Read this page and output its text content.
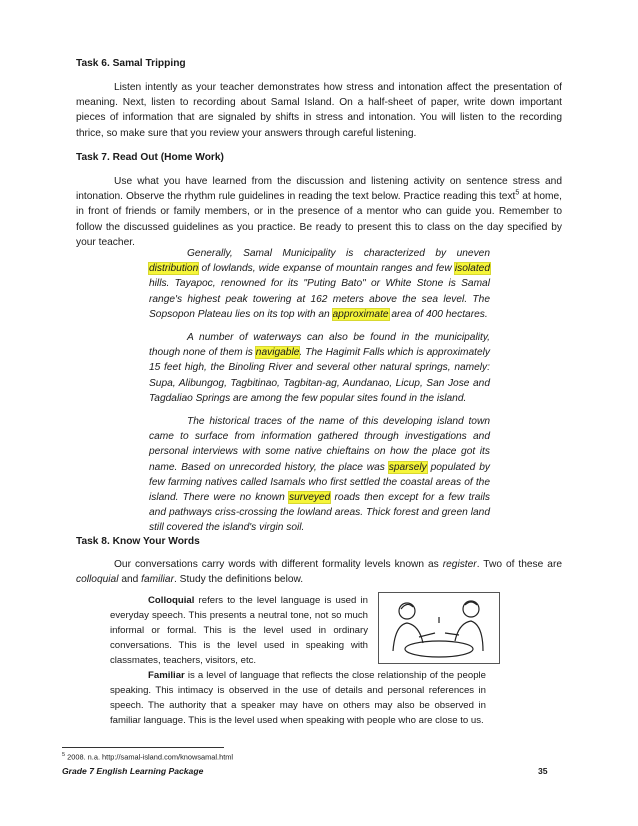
Task 6. Samal Tripping

Listen intently as your teacher demonstrates how stress and intonation affect the presentation of meaning. Next, listen to recording about Samal Island. On a half-sheet of paper, write down important pieces of information that are signaled by shifts in stress and intonation. You will listen to the recording thrice, so make sure that you review your answers through careful listening.

Task 7. Read Out (Home Work)

Use what you have learned from the discussion and listening activity on sentence stress and intonation. Observe the rhythm rule guidelines in reading the text below. Practice reading this text$^5$ at home, in front of friends or family members, or in the presence of a mentor who can guide you. Remember to follow the discussed guidelines as you practice. Be ready to present this to class on the day specified by your teacher.

Generally, Samal Municipality is characterized by uneven distribution of lowlands, wide expanse of mountain ranges and few isolated hills. Tayapoc, renowned for its "Puting Bato" or White Stone is Samal range's highest peak towering at 162 meters above the sea level. The Sopsopon Plateau lies on its top with an approximate area of 400 hectares.

A number of waterways can also be found in the municipality, though none of them is navigable. The Hagimit Falls which is approximately 15 feet high, the Binoling River and several other natural springs, namely: Supa, Alibungog, Tagbitinao, Tagbitan-ag, Aundanao, Licup, San Jose and Tagdaliao Springs are among the few popular sites found in the island.

The historical traces of the name of this developing island town came to surface from information gathered through investigations and personal interviews with some native chieftains on how the place got its name. Based on unrecorded history, the place was sparsely populated by few farming natives called Isamals who first settled the coastal areas of the island. There were no known surveyed roads then except for a few trails and pathways criss-crossing the lowland areas. Thick forest and green land still covered the island's virgin soil.

Task 8. Know Your Words

Our conversations carry words with different formality levels known as register. Two of these are colloquial and familiar. Study the definitions below.

Colloquial refers to the level language is used in everyday speech. This presents a neutral tone, not so much informal or formal. This is the level used in ordinary conversations. This is the level used in speaking with classmates, teachers, visitors, etc.

Familiar is a level of language that reflects the close relationship of the people speaking. This intimacy is observed in the use of details and personal references in speech. The authority that a speaker may have on others may also be observed in familiar language. This is the level used when speaking with people who are close to us.

$^5$ 2008. n.a. http://samal-island.com/knowsamal.html
Grade 7 English Learning Package	35
